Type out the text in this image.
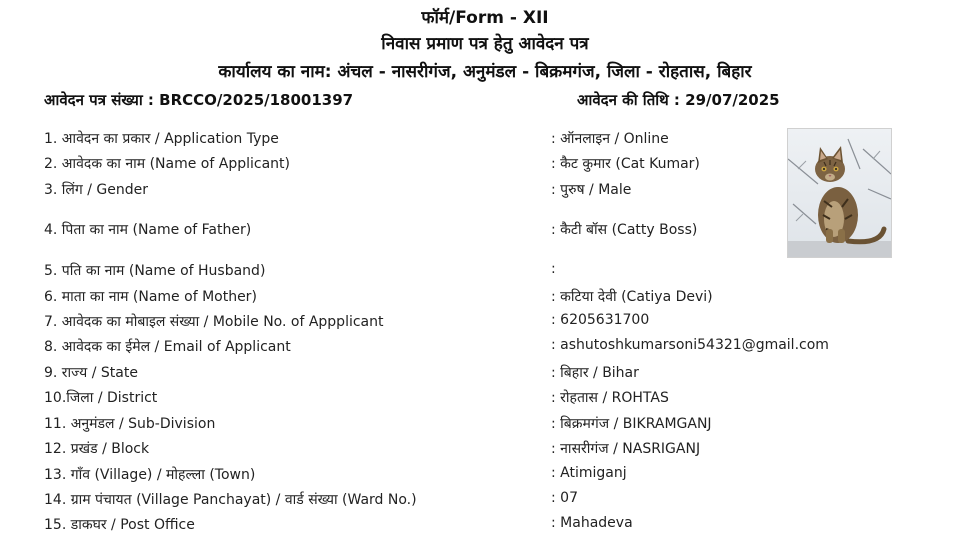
फॉर्म/Form - XII
निवास प्रमाण पत्र हेतु आवेदन पत्र
कार्यालय का नाम: अंचल - नासरीगंज, अनुमंडल - बिक्रमगंज, जिला - रोहतास, बिहार
आवेदन पत्र संख्या : BRCCO/2025/18001397	आवेदन की तिथि : 29/07/2025
1. आवेदन का प्रकार / Application Type	: ऑनलाइन / Online
2. आवेदक का नाम (Name of Applicant)	: कैट कुमार (Cat Kumar)
3. लिंग / Gender	: पुरुष / Male
4. पिता का नाम (Name of Father)	: कैटी बॉस (Catty Boss)
5. पति का नाम (Name of Husband)	:
6. माता का नाम (Name of Mother)	: कटिया देवी (Catiya Devi)
7. आवेदक का मोबाइल संख्या / Mobile No. of Appplicant	: 6205631700
8. आवेदक का ईमेल / Email of Applicant	: ashutoshkumarsoni54321@gmail.com
9. राज्य / State	: बिहार / Bihar
10.जिला / District	: रोहतास / ROHTAS
11. अनुमंडल / Sub-Division	: बिक्रमगंज / BIKRAMGANJ
12. प्रखंड / Block	: नासरीगंज / NASRIGANJ
13. गाँव (Village) / मोहल्ला (Town)	: Atimiganj
14. ग्राम पंचायत (Village Panchayat) / वार्ड संख्या (Ward No.)	: 07
15. डाकघर / Post Office	: Mahadeva
